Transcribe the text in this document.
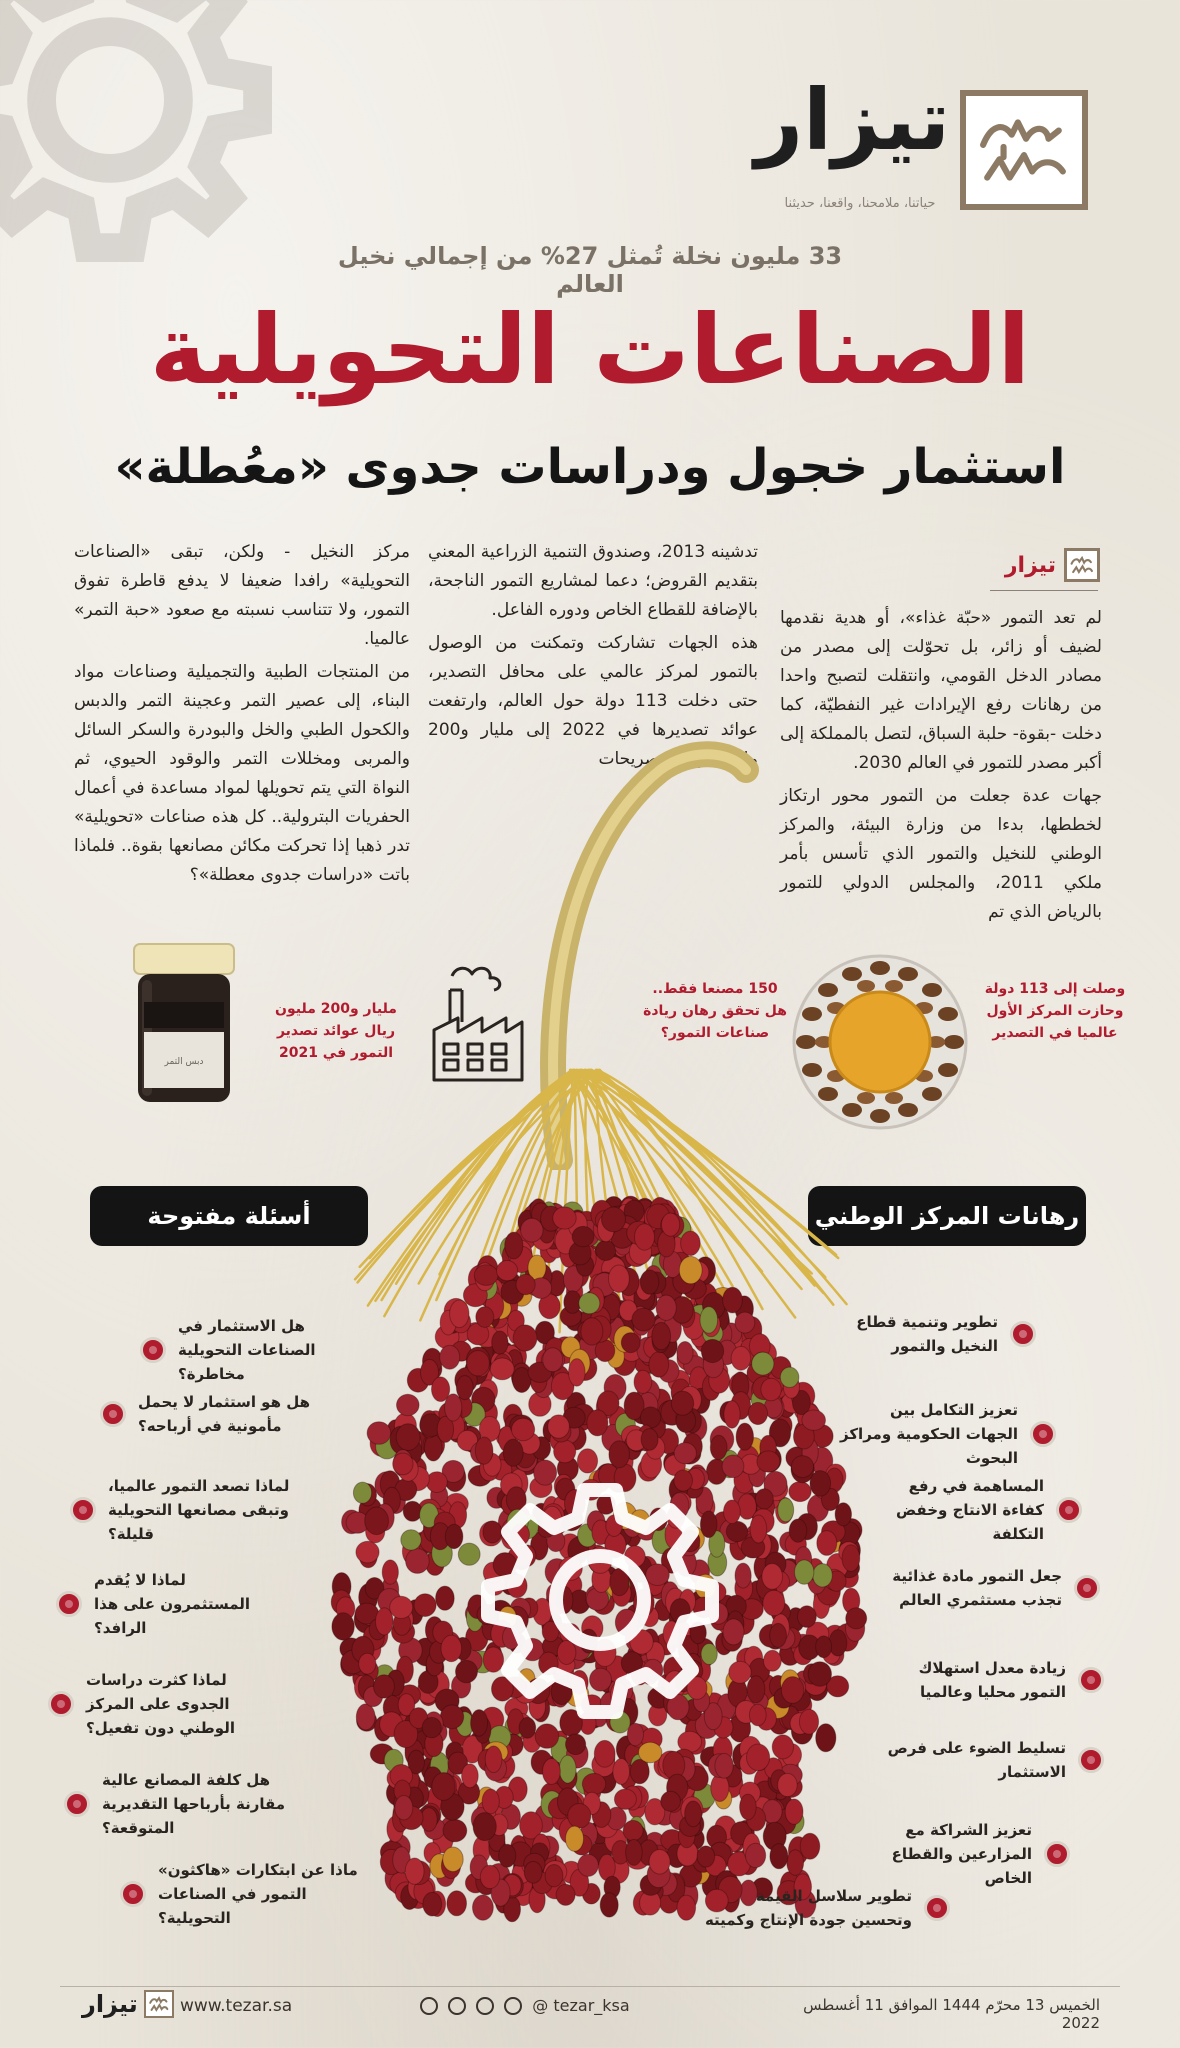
تيزار
حياتنا، ملامحنا، واقعنا، حديثنا
33 مليون نخلة تُمثل 27% من إجمالي نخيل العالم
الصناعات التحويلية
استثمار خجول ودراسات جدوى «معُطلة»
تيزار

لم تعد التمور «حبّة غذاء»، أو هدية نقدمها لضيف أو زائر، بل تحوّلت إلى مصدر من مصادر الدخل القومي، وانتقلت لتصبح واحدا من رهانات رفع الإيرادات غير النفطيّة، كما دخلت -بقوة- حلبة السباق، لتصل بالمملكة إلى أكبر مصدر للتمور في العالم 2030.

جهات عدة جعلت من التمور محور ارتكاز لخططها، بدءا من وزارة البيئة، والمركز الوطني للنخيل والتمور الذي تأسس بأمر ملكي 2011، والمجلس الدولي للتمور بالرياض الذي تم

تدشينه 2013، وصندوق التنمية الزراعية المعني بتقديم القروض؛ دعما لمشاريع التمور الناجحة، بالإضافة للقطاع الخاص ودوره الفاعل.

هذه الجهات تشاركت وتمكنت من الوصول بالتمور لمركز عالمي على محافل التصدير، حتى دخلت 113 دولة حول العالم، وارتفعت عوائد تصديرها في 2022 إلى مليار و200 مليون -وفقا لتصريحات

مركز النخيل - ولكن، تبقى «الصناعات التحويلية» رافدا ضعيفا لا يدفع قاطرة تفوق التمور، ولا تتناسب نسبته مع صعود «حبة التمر» عالميا.

من المنتجات الطبية والتجميلية وصناعات مواد البناء، إلى عصير التمر وعجينة التمر والدبس والكحول الطبي والخل والبودرة والسكر السائل والمربى ومخللات التمر والوقود الحيوي، ثم النواة التي يتم تحويلها لمواد مساعدة في أعمال الحفريات البترولية.. كل هذه صناعات «تحويلية» تدر ذهبا إذا تحركت مكائن مصانعها بقوة.. فلماذا باتت «دراسات جدوى معطلة»؟

وصلت إلى 113 دولة وحازت المركز الأول عالميا في التصدير
150 مصنعا فقط.. هل تحقق رهان ريادة صناعات التمور؟
مليار و200 مليون ريال عوائد تصدير التمور في 2021
دبس التمر
رهانات المركز الوطني
أسئلة مفتوحة
تطوير وتنمية قطاع النخيل والتمور
تعزيز التكامل بين الجهات الحكومية ومراكز البحوث
المساهمة في رفع كفاءة الانتاج وخفض التكلفة
جعل التمور مادة غذائية تجذب مستثمري العالم
زيادة معدل استهلاك التمور محليا وعالميا
تسليط الضوء على فرص الاستثمار
تعزيز الشراكة مع المزارعين والقطاع الخاص
تطوير سلاسل القيمة وتحسين جودة الإنتاج وكميته
هل الاستثمار في الصناعات التحويلية مخاطرة؟
هل هو استثمار لا يحمل مأمونية في أرباحه؟
لماذا تصعد التمور عالميا، وتبقى مصانعها التحويلية قليلة؟
لماذا لا يُقدم المستثمرون على هذا الرافد؟
لماذا كثرت دراسات الجدوى على المركز الوطني دون تفعيل؟
هل كلفة المصانع عالية مقارنة بأرباحها التقديرية المتوقعة؟
ماذا عن ابتكارات «هاكثون» التمور في الصناعات التحويلية؟
الخميس 13 محرّم 1444 الموافق 11 أغسطس 2022
@ tezar_ksa
www.tezar.sa
تيزار
